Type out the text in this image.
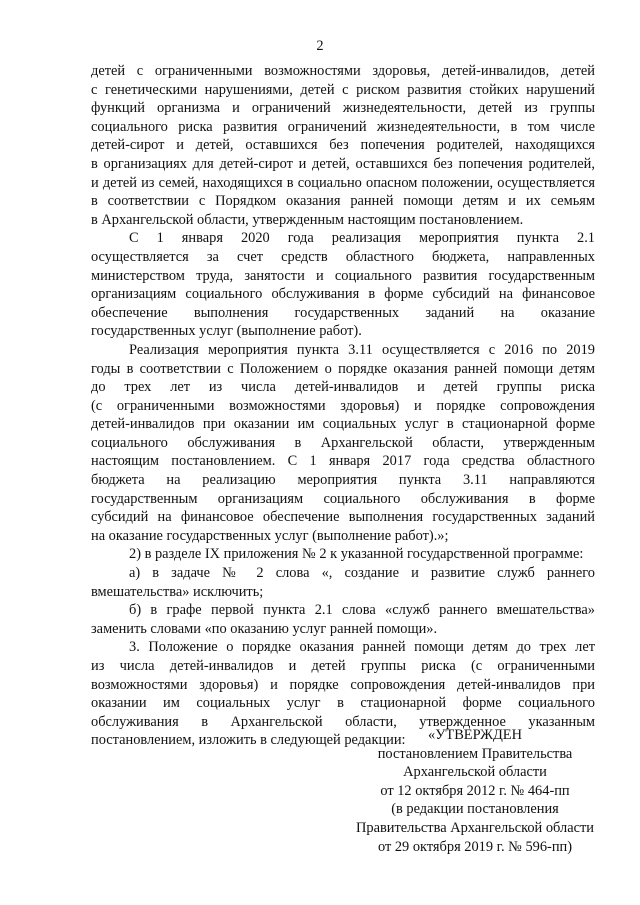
2

детей с ограниченными возможностями здоровья, детей-инвалидов, детей

с генетическими нарушениями, детей с риском развития стойких нарушений

функций организма и ограничений жизнедеятельности, детей из группы

социального риска развития ограничений жизнедеятельности, в том числе

детей-сирот и детей, оставшихся без попечения родителей, находящихся

в организациях для детей-сирот и детей, оставшихся без попечения родителей,

и детей из семей, находящихся в социально опасном положении, осуществляется

в соответствии с Порядком оказания ранней помощи детям и их семьям

в Архангельской области, утвержденным настоящим постановлением.

С 1 января 2020 года реализация мероприятия пункта 2.1

осуществляется за счет средств областного бюджета, направленных

министерством труда, занятости и социального развития государственным

организациям социального обслуживания в форме субсидий на финансовое

обеспечение выполнения государственных заданий на оказание

государственных услуг (выполнение работ).

Реализация мероприятия пункта 3.11 осуществляется с 2016 по 2019

годы в соответствии с Положением о порядке оказания ранней помощи детям

до трех лет из числа детей-инвалидов и детей группы риска

(с ограниченными возможностями здоровья) и порядке сопровождения

детей-инвалидов при оказании им социальных услуг в стационарной форме

социального обслуживания в Архангельской области, утвержденным

настоящим постановлением. С 1 января 2017 года средства областного

бюджета на реализацию мероприятия пункта 3.11 направляются

государственным организациям социального обслуживания в форме

субсидий на финансовое обеспечение выполнения государственных заданий

на оказание государственных услуг (выполнение работ).»;

2) в разделе IX приложения № 2 к указанной государственной программе:

а) в задаче № 2 слова «, создание и развитие служб раннего

вмешательства» исключить;

б) в графе первой пункта 2.1 слова «служб раннего вмешательства»

заменить словами «по оказанию услуг ранней помощи».

3. Положение о порядке оказания ранней помощи детям до трех лет

из числа детей-инвалидов и детей группы риска (с ограниченными

возможностями здоровья) и порядке сопровождения детей-инвалидов при

оказании им социальных услуг в стационарной форме социального

обслуживания в Архангельской области, утвержденное указанным

постановлением, изложить в следующей редакции:	«УТВЕРЖДЕН
постановлением Правительства
Архангельской области
от 12 октября 2012 г. № 464-пп
(в редакции постановления
Правительства Архангельской области
от 29 октября 2019 г. № 596-пп)
